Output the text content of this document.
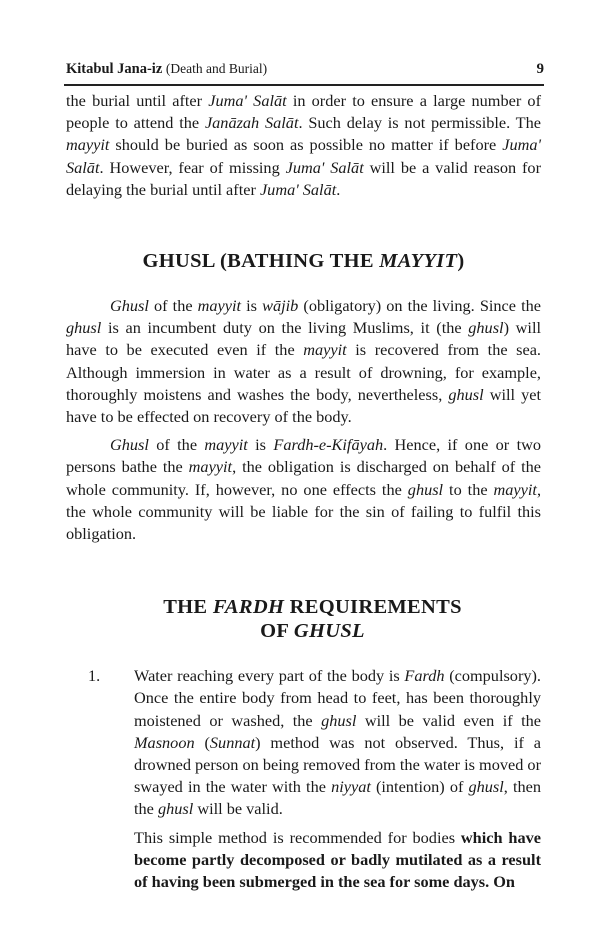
Kitabul Jana-iz (Death and Burial)	9

the burial until after Juma' Salāt in order to ensure a large number of people to attend the Janāzah Salāt. Such delay is not permissible. The mayyit should be buried as soon as possible no matter if before Juma' Salāt. However, fear of missing Juma' Salāt will be a valid reason for delaying the burial until after Juma' Salāt.

GHUSL (BATHING THE MAYYIT)

Ghusl of the mayyit is wājib (obligatory) on the living. Since the ghusl is an incumbent duty on the living Muslims, it (the ghusl) will have to be executed even if the mayyit is recovered from the sea. Although immersion in water as a result of drowning, for example, thoroughly moistens and washes the body, nevertheless, ghusl will yet have to be effected on recovery of the body.

Ghusl of the mayyit is Fardh-e-Kifāyah. Hence, if one or two persons bathe the mayyit, the obligation is discharged on behalf of the whole community. If, however, no one effects the ghusl to the mayyit, the whole community will be liable for the sin of failing to fulfil this obligation.

THE FARDH REQUIREMENTS
OF GHUSL
1.	Water reaching every part of the body is Fardh (compulsory). Once the entire body from head to feet, has been thoroughly moistened or washed, the ghusl will be valid even if the Masnoon (Sunnat) method was not observed. Thus, if a drowned person on being removed from the water is moved or swayed in the water with the niyyat (intention) of ghusl, then the ghusl will be valid.

This simple method is recommended for bodies which have become partly decomposed or badly mutilated as a result of having been submerged in the sea for some days. On
